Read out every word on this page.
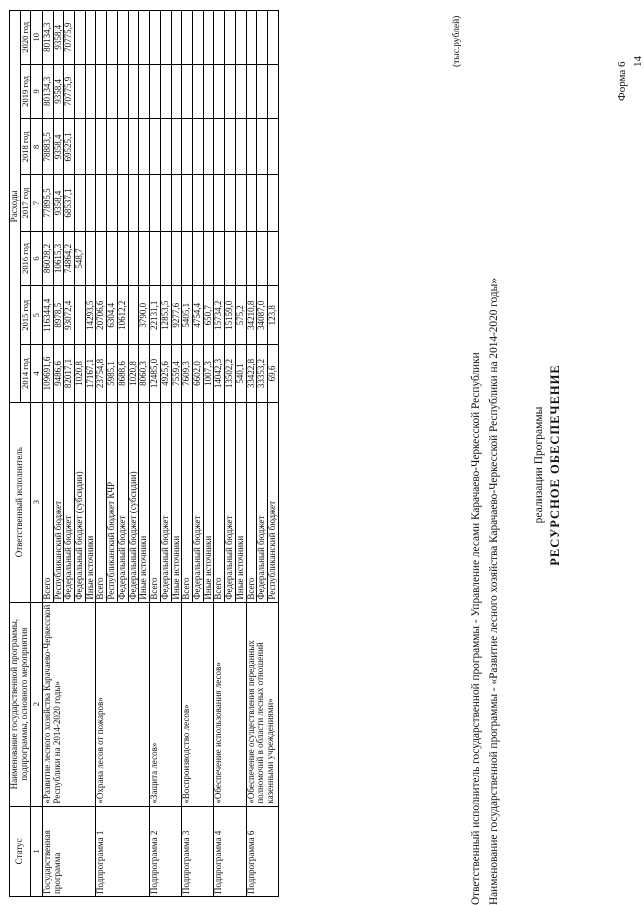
14
Форма 6
РЕСУРСНОЕ ОБЕСПЕЧЕНИЕ
реализации Программы
Наименование государственной программы - «Развитие лесного хозяйства Карачаево-Черкесской Республики на 2014-2020 годы»
Ответственный исполнитель государственной программы - Управление лесами Карачаево-Черкесской Республики
(тыс.рублей)
Статус	Наименование государственной программы, подпрограммы, основного мероприятия	Ответственный исполнитель	Расходы						
			2014 год	2015 год	2016 год	2017 год	2018 год	2019 год	2020 год
1	2	3	4	5	6	7	8	9	10
Государственная программа	«Развитие лесного хозяйства Карачаево-Черкесской Республики на 2014-2020 годы»	Всего	109691,6	116344,4	86028,2	77895,5	78883,5	80134,3	80134,3
		Республиканский бюджет	9486,6	8978,5	10615,3	9358,4	9358,4	9358,4	9358,4
		Федеральный бюджет	82017,1	93072,4	74864,2	68537,1	69525,1	70775,9	70775,9
		Федеральный бюджет (субсидии)	1020,8		548,7				
		Иные источники	17167,1	14293,5					
Подпрограмма 1	«Охрана лесов от пожаров»	Всего	23754,8	20706,6					
		Республиканский бюджет КЧР	5985,1	6304,4					
		Федеральный бюджет	8688,6	10612,2					
		Федеральный бюджет (субсидии)	1020,8						
		Иные источники	8060,3	3790,0					
Подпрограмма 2	«Защита лесов»	Всего	12485,0	22131,1					
		Федеральный бюджет	4925,6	12853,5					
		Иные источники	7559,4	9277,6					
Подпрограмма 3	«Воспроизводство лесов»	Всего	7609,3	5405,1					
		Федеральный бюджет	6602,0	4754,4					
		Иные источники	1007,3	650,7					
Подпрограмма 4	«Обеспечение использования лесов»	Всего	14042,3	15734,2					
		Федеральный бюджет	13502,2	15159,0					
		Иные источники	540,1	575,2					
Подпрограмма 6	«Обеспечение осуществления переданных полномочий в области лесных отношений казенными учреждениями»	Всего	33422,8	34210,8					
		Федеральный бюджет	33353,2	34087,0					
		Республиканский бюджет	69,6	123,8					
